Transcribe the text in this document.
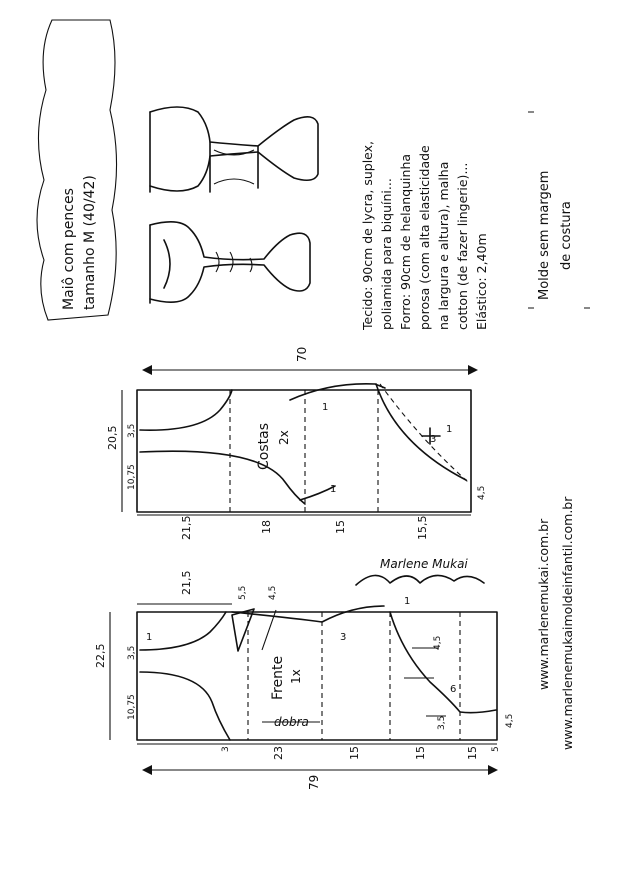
Maiô com pences tamanho M (40/42)	Tecido: 90cm de lycra, suplex, poliamida para biquíni... Forro: 90cm de helanquinha porosa (com alta elasticidade na largura e altura), malha cotton (de fazer lingerie)... Elástico: 2,40m	Molde sem margem de costura
70
20,5 3,5
10,75
Costas 2x
1
1
1
3
4,5
21,5	18	15	15,5
Marlene Mukai
21,5	5,5 4,5
22,5 3,5
10,75
1	3
1
4,5
6
3,5
Frente 1x
dobra	4,5
3	23	15	15	15 5
79
www.marlenemukai.com.br www.marlenemukaimoldeinfantil.com.br
